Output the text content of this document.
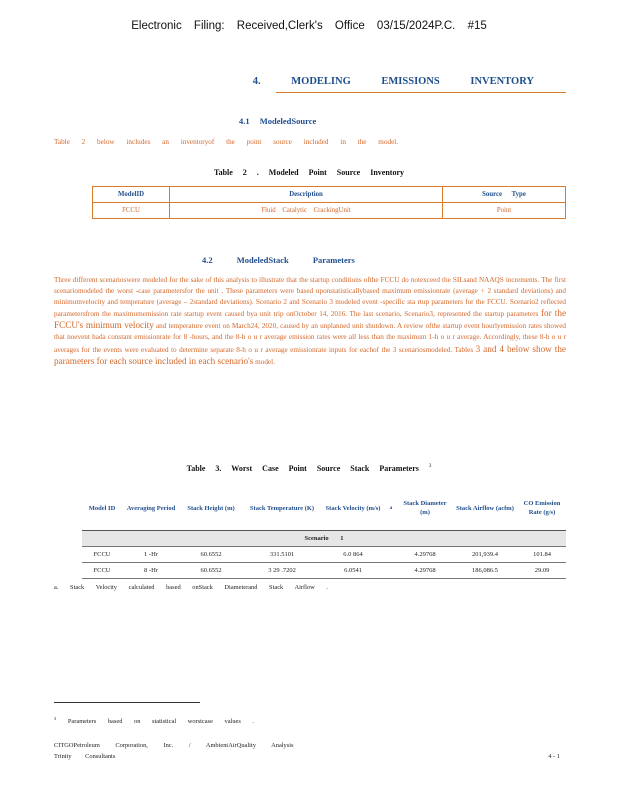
Electronic Filing: Received,Clerk's Office 03/15/2024P.C. #15
4. MODELING EMISSIONS INVENTORY
4.1 ModeledSource
Table 2 below includes an inventoryof the point source included in the model.
Table 2 . Modeled Point Source Inventory
ModelID	Description	Source Type
FCCU	Fluid Catalytic CrackingUnit	Point
4.2 ModeledStack Parameters
Three different scenarioswere modeled for the sake of this analysis to illustrate that the startup conditions ofthe FCCU do notexceed the SILsand NAAQS increments. The first scenariomodeled the worst -case parametersfor the unit . These parameters were based uponstatisticallybased maximum emissionrate (average + 2 standard deviations) and minimumvelocity and temperature (average – 2standard deviations). Scenario 2 and Scenario 3 modeled event -specific sta rtup parameters for the FCCU. Scenario2 reflected parametersfrom the maximumemission rate startup event caused bya unit trip onOctober 14, 2016. The last scenario, Scenario3, represented the startup parameters for the FCCU's minimum velocity and temperature event on March24, 2020, caused by an unplanned unit shutdown. A review ofthe startup event hourlyemission rates showed that noevent hada constant emissionrate for 8 -hours, and the 8-h o u r average emission rates were all less than the maximum 1-h o u r average. Accordingly, these 8-h o u r averages for the events were evaluated to determine separate 8-h o u r average emissionrate inputs for eachof the 3 scenariosmodeled. Tables 3 and 4 below show the parameters for each source included in each scenario's model.
Table 3. Worst Case Point Source Stack Parameters $^3$
Model ID	Averaging Period	Stack Height (m)	Stack Temperature (K)	Stack Velocity (m/s)	a	Stack Diameter (m)	Stack Airflow (acfm)	CO Emission Rate (g/s)
Scenario 1								
FCCU	1 -Hr	60.6552	331.5101	6.0 864		4.29768	201,939.4	101.84
FCCU	8 -Hr	60.6552	3 29 .7202	6.0541		4.29768	186,086.5	29.09
a. Stack Velocity calculated based onStack Diameterand Stack Airflow .
$^3$ Parameters based on statistical worstcase values .
CITGOPetroleum Corporation, Inc. / AmbientAirQuality Analysis
Trinity Consultants	4 - 1
